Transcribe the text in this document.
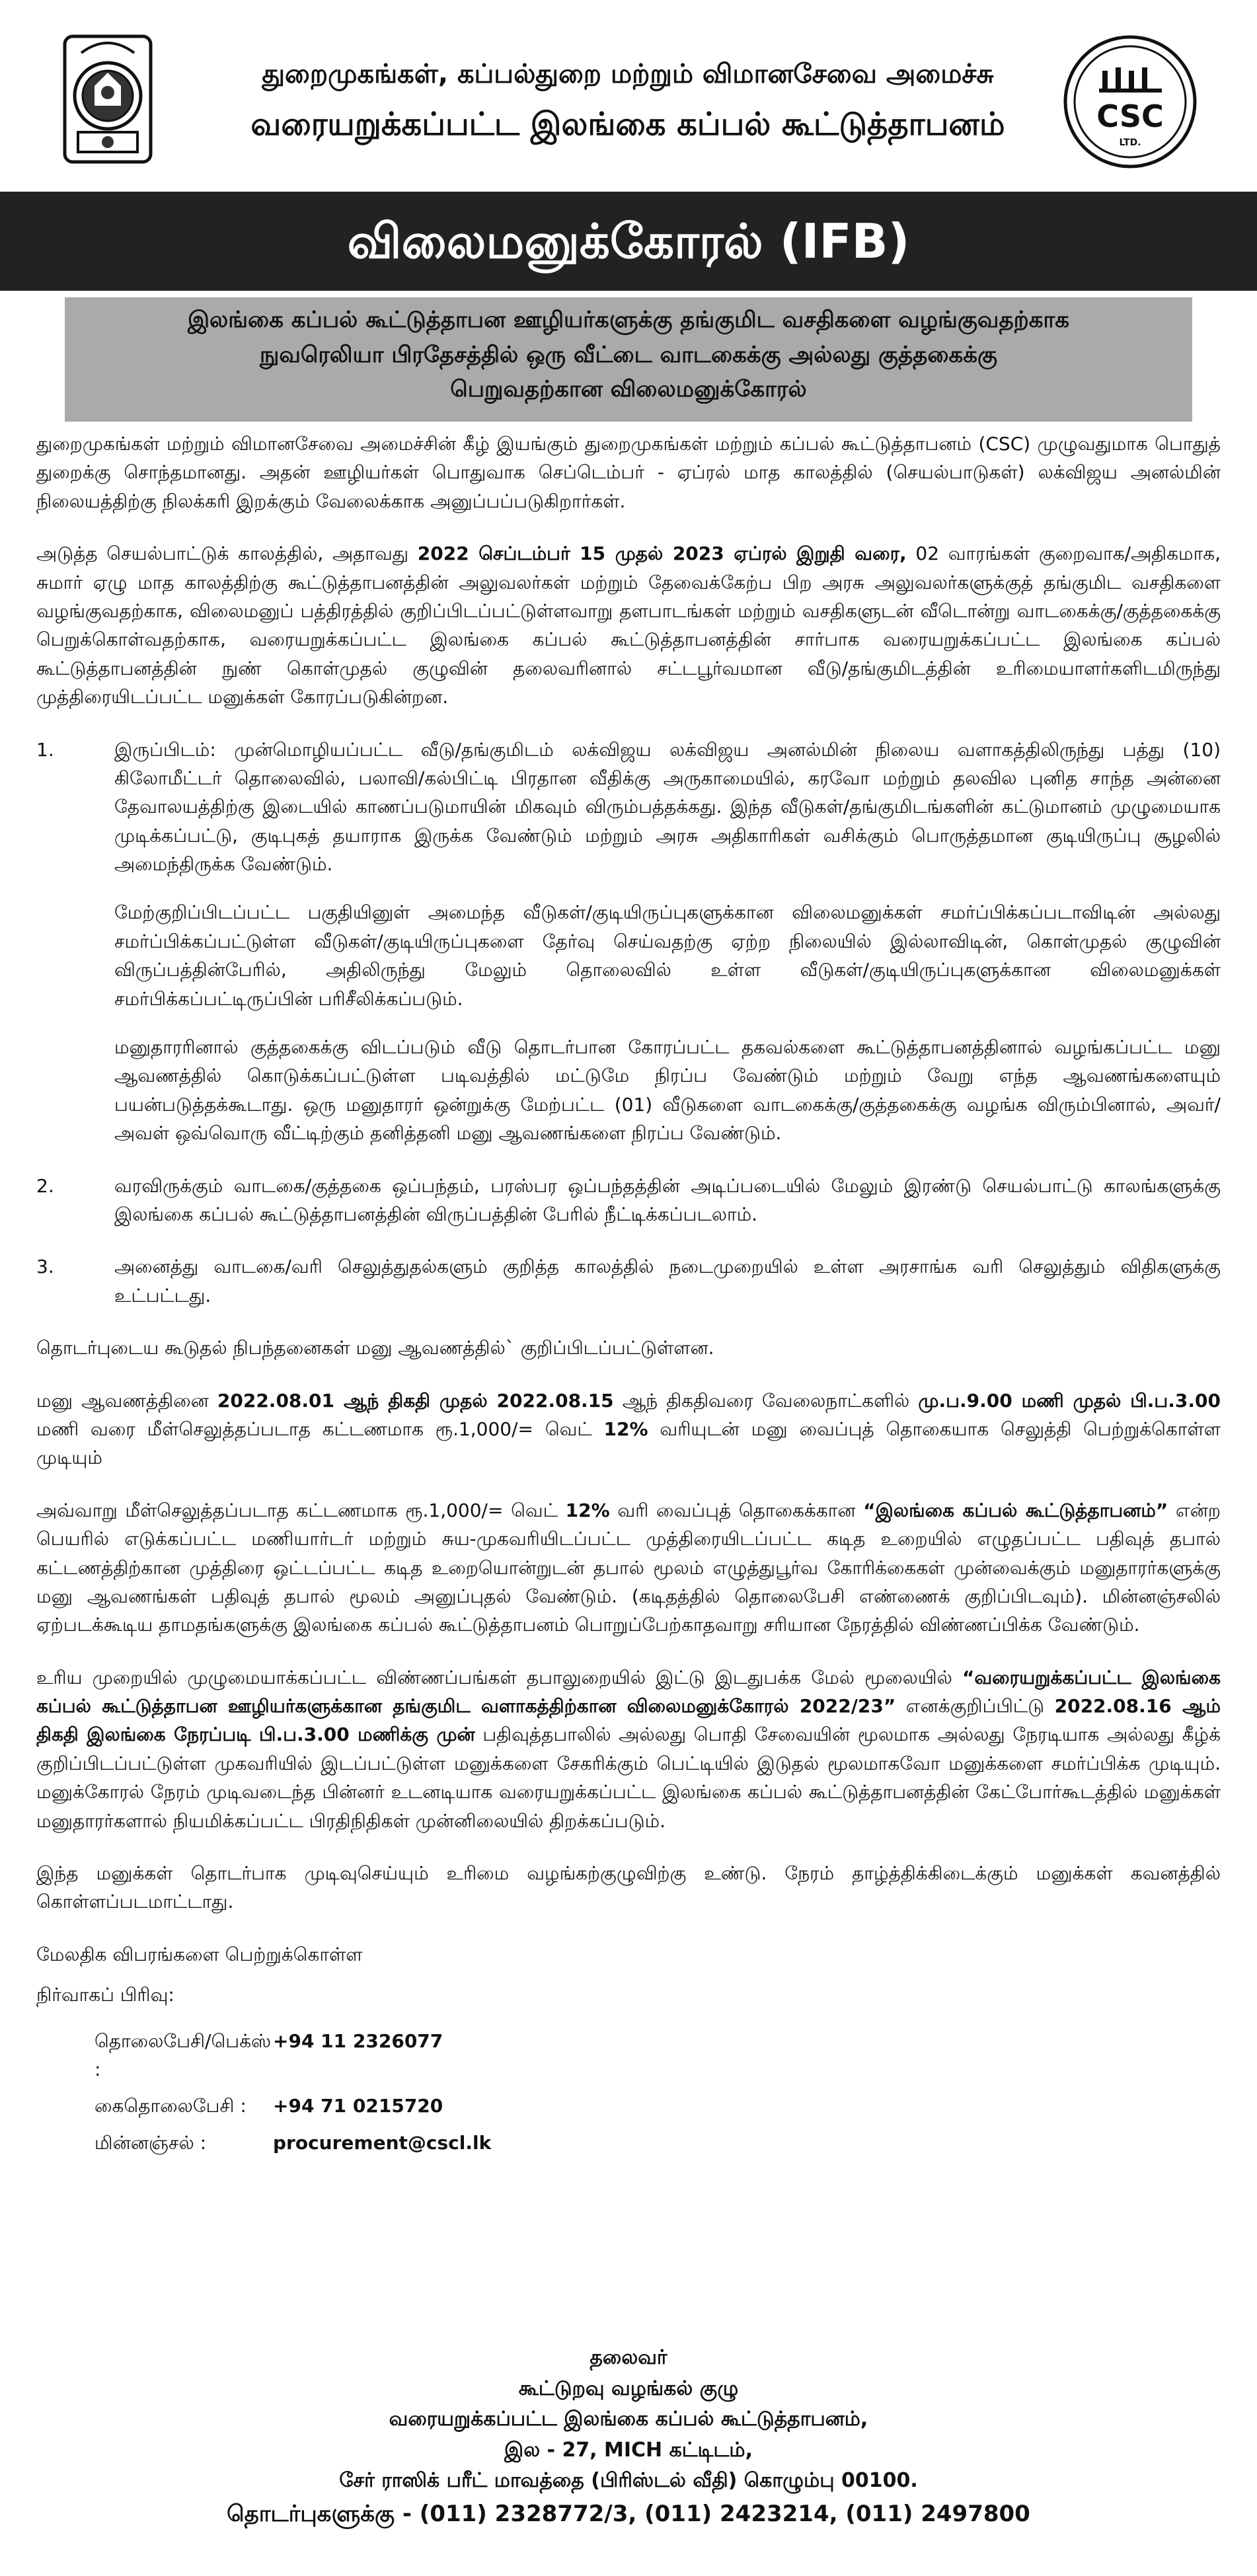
துறைமுகங்கள், கப்பல்துறை மற்றும் விமானசேவை அமைச்சு
வரையறுக்கப்பட்ட இலங்கை கப்பல் கூட்டுத்தாபனம்	CSC
LTD.
விலைமனுக்கோரல் (IFB)
இலங்கை கப்பல் கூட்டுத்தாபன ஊழியர்களுக்கு தங்குமிட வசதிகளை வழங்குவதற்காக
நுவரெலியா பிரதேசத்தில் ஒரு வீட்டை வாடகைக்கு அல்லது குத்தகைக்கு
பெறுவதற்கான விலைமனுக்கோரல்

துறைமுகங்கள் மற்றும் விமானசேவை அமைச்சின் கீழ் இயங்கும் துறைமுகங்கள் மற்றும் கப்பல் கூட்டுத்தாபனம் (CSC) முழுவதுமாக பொதுத் துறைக்கு சொந்தமானது. அதன் ஊழியர்கள் பொதுவாக செப்டெம்பர் - ஏப்ரல் மாத காலத்தில் (செயல்பாடுகள்) லக்விஜய அனல்மின் நிலையத்திற்கு நிலக்கரி இறக்கும் வேலைக்காக அனுப்பப்படுகிறார்கள்.

அடுத்த செயல்பாட்டுக் காலத்தில், அதாவது 2022 செப்டம்பர் 15 முதல் 2023 ஏப்ரல் இறுதி வரை, 02 வாரங்கள் குறைவாக/அதிகமாக, சுமார் ஏழு மாத காலத்திற்கு கூட்டுத்தாபனத்தின் அலுவலர்கள் மற்றும் தேவைக்கேற்ப பிற அரசு அலுவலர்களுக்குத் தங்குமிட வசதிகளை வழங்குவதற்காக, விலைமனுப் பத்திரத்தில் குறிப்பிடப்பட்டுள்ளவாறு தளபாடங்கள் மற்றும் வசதிகளுடன் வீடொன்று வாடகைக்கு/குத்தகைக்கு பெறுக்கொள்வதற்காக, வரையறுக்கப்பட்ட இலங்கை கப்பல் கூட்டுத்தாபனத்தின் சார்பாக வரையறுக்கப்பட்ட இலங்கை கப்பல் கூட்டுத்தாபனத்தின் நுண் கொள்முதல் குழுவின் தலைவரினால் சட்டபூர்வமான வீடு/தங்குமிடத்தின் உரிமையாளர்களிடமிருந்து முத்திரையிடப்பட்ட மனுக்கள் கோரப்படுகின்றன.

1.	இருப்பிடம்: முன்மொழியப்பட்ட வீடு/தங்குமிடம் லக்விஜய லக்விஜய அனல்மின் நிலைய வளாகத்திலிருந்து பத்து (10) கிலோமீட்டர் தொலைவில், பலாவி/கல்பிட்டி பிரதான வீதிக்கு அருகாமையில், கரவோ மற்றும் தலவில புனித சாந்த அன்னை தேவாலயத்திற்கு இடையில் காணப்படுமாயின் மிகவும் விரும்பத்தக்கது. இந்த வீடுகள்/தங்குமிடங்களின் கட்டுமானம் முழுமையாக முடிக்கப்பட்டு, குடிபுகத் தயாராக இருக்க வேண்டும் மற்றும் அரசு அதிகாரிகள் வசிக்கும் பொருத்தமான குடியிருப்பு சூழலில் அமைந்திருக்க வேண்டும்.

மேற்குறிப்பிடப்பட்ட பகுதியினுள் அமைந்த வீடுகள்/குடியிருப்புகளுக்கான விலைமனுக்கள் சமர்ப்பிக்கப்படாவிடின் அல்லது சமர்ப்பிக்கப்பட்டுள்ள வீடுகள்/குடியிருப்புகளை தேர்வு செய்வதற்கு ஏற்ற நிலையில் இல்லாவிடின், கொள்முதல் குழுவின் விருப்பத்தின்பேரில், அதிலிருந்து மேலும் தொலைவில் உள்ள வீடுகள்/குடியிருப்புகளுக்கான விலைமனுக்கள் சமர்பிக்கப்பட்டிருப்பின் பரிசீலிக்கப்படும்.

மனுதாரரினால் குத்தகைக்கு விடப்படும் வீடு தொடர்பான கோரப்பட்ட தகவல்களை கூட்டுத்தாபனத்தினால் வழங்கப்பட்ட மனு ஆவணத்தில் கொடுக்கப்பட்டுள்ள படிவத்தில் மட்டுமே நிரப்ப வேண்டும் மற்றும் வேறு எந்த ஆவணங்களையும் பயன்படுத்தக்கூடாது. ஒரு மனுதாரர் ஒன்றுக்கு மேற்பட்ட (01) வீடுகளை வாடகைக்கு/குத்தகைக்கு வழங்க விரும்பினால், அவர்/அவள் ஒவ்வொரு வீட்டிற்கும் தனித்தனி மனு ஆவணங்களை நிரப்ப வேண்டும்.

2.	வரவிருக்கும் வாடகை/குத்தகை ஒப்பந்தம், பரஸ்பர ஒப்பந்தத்தின் அடிப்படையில் மேலும் இரண்டு செயல்பாட்டு காலங்களுக்கு இலங்கை கப்பல் கூட்டுத்தாபனத்தின் விருப்பத்தின் பேரில் நீட்டிக்கப்படலாம்.

3.	அனைத்து வாடகை/வரி செலுத்துதல்களும் குறித்த காலத்தில் நடைமுறையில் உள்ள அரசாங்க வரி செலுத்தும் விதிகளுக்கு உட்பட்டது.

தொடர்புடைய கூடுதல் நிபந்தனைகள் மனு ஆவணத்தில்` குறிப்பிடப்பட்டுள்ளன.

மனு ஆவணத்தினை 2022.08.01 ஆந் திகதி முதல் 2022.08.15 ஆந் திகதிவரை வேலைநாட்களில் மு.ப.9.00 மணி முதல் பி.ப.3.00 மணி வரை மீள்செலுத்தப்படாத கட்டணமாக ரூ.1,000/= வெட் 12% வரியுடன் மனு வைப்புத் தொகையாக செலுத்தி பெற்றுக்கொள்ள முடியும்

அவ்வாறு மீள்செலுத்தப்படாத கட்டணமாக ரூ.1,000/= வெட் 12% வரி வைப்புத் தொகைக்கான “இலங்கை கப்பல் கூட்டுத்தாபனம்” என்ற பெயரில் எடுக்கப்பட்ட மணியார்டர் மற்றும் சுய-முகவரியிடப்பட்ட முத்திரையிடப்பட்ட கடித உறையில் எழுதப்பட்ட பதிவுத் தபால் கட்டணத்திற்கான முத்திரை ஒட்டப்பட்ட கடித உறையொன்றுடன் தபால் மூலம் எழுத்துபூர்வ கோரிக்கைகள் முன்வைக்கும் மனுதாரர்களுக்கு மனு ஆவணங்கள் பதிவுத் தபால் மூலம் அனுப்புதல் வேண்டும். (கடிதத்தில் தொலைபேசி எண்ணைக் குறிப்பிடவும்). மின்னஞ்சலில் ஏற்படக்கூடிய தாமதங்களுக்கு இலங்கை கப்பல் கூட்டுத்தாபனம் பொறுப்பேற்காதவாறு சரியான நேரத்தில் விண்ணப்பிக்க வேண்டும்.

உரிய முறையில் முழுமையாக்கப்பட்ட விண்ணப்பங்கள் தபாலுறையில் இட்டு இடதுபக்க மேல் மூலையில் “வரையறுக்கப்பட்ட இலங்கை கப்பல் கூட்டுத்தாபன ஊழியர்களுக்கான தங்குமிட வளாகத்திற்கான விலைமனுக்கோரல் 2022/23” எனக்குறிப்பிட்டு 2022.08.16 ஆம் திகதி இலங்கை நேரப்படி பி.ப.3.00 மணிக்கு முன் பதிவுத்தபாலில் அல்லது பொதி சேவையின் மூலமாக அல்லது நேரடியாக அல்லது கீழ்க் குறிப்பிடப்பட்டுள்ள முகவரியில் இடப்பட்டுள்ள மனுக்களை சேகரிக்கும் பெட்டியில் இடுதல் மூலமாகவோ மனுக்களை சமர்ப்பிக்க முடியும். மனுக்கோரல் நேரம் முடிவடைந்த பின்னர் உடனடியாக வரையறுக்கப்பட்ட இலங்கை கப்பல் கூட்டுத்தாபனத்தின் கேட்போர்கூடத்தில் மனுக்கள் மனுதாரர்களால் நியமிக்கப்பட்ட பிரதிநிதிகள் முன்னிலையில் திறக்கப்படும்.

இந்த மனுக்கள் தொடர்பாக முடிவுசெய்யும் உரிமை வழங்கற்குழுவிற்கு உண்டு. நேரம் தாழ்த்திக்கிடைக்கும் மனுக்கள் கவனத்தில் கொள்ளப்படமாட்டாது.

மேலதிக விபரங்களை பெற்றுக்கொள்ள

நிர்வாகப் பிரிவு:

தொலைபேசி/பெக்ஸ் :
+94 11 2326077
கைதொலைபேசி :	+94 71 0215720
மின்னஞ்சல் :	procurement@cscl.lk
தலைவர்
கூட்டுறவு வழங்கல் குழு
வரையறுக்கப்பட்ட இலங்கை கப்பல் கூட்டுத்தாபனம்,
இல - 27, MICH கட்டிடம்,
சேர் ராஸிக் பரீட் மாவத்தை (பிரிஸ்டல் வீதி) கொழும்பு 00100.
தொடர்புகளுக்கு - (011) 2328772/3, (011) 2423214, (011) 2497800
